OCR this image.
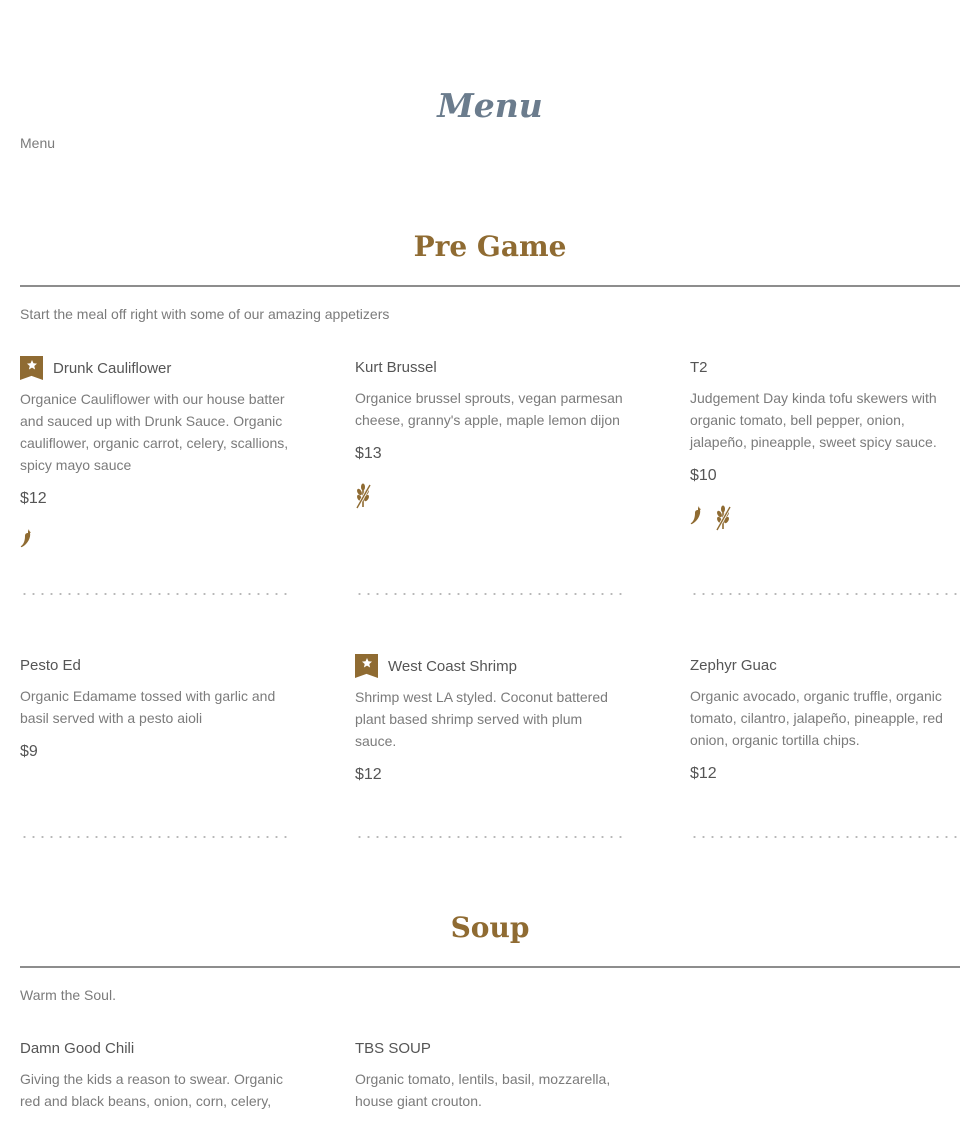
Menu
Menu
Pre Game
Start the meal off right with some of our amazing appetizers
Drunk Cauliflower
Organice Cauliflower with our house batter and sauced up with Drunk Sauce. Organic cauliflower, organic carrot, celery, scallions, spicy mayo sauce
$12
Kurt Brussel
Organice brussel sprouts, vegan parmesan cheese, granny's apple, maple lemon dijon
$13
T2
Judgement Day kinda tofu skewers with organic tomato, bell pepper, onion, jalapeño, pineapple, sweet spicy sauce.
$10
Pesto Ed
Organic Edamame tossed with garlic and basil served with a pesto aioli
$9
West Coast Shrimp
Shrimp west LA styled. Coconut battered plant based shrimp served with plum sauce.
$12
Zephyr Guac
Organic avocado, organic truffle, organic tomato, cilantro, jalapeño, pineapple, red onion, organic tortilla chips.
$12
Soup
Warm the Soul.
Damn Good Chili
Giving the kids a reason to swear. Organic red and black beans, onion, corn, celery,
TBS SOUP
Organic tomato, lentils, basil, mozzarella, house giant crouton.
